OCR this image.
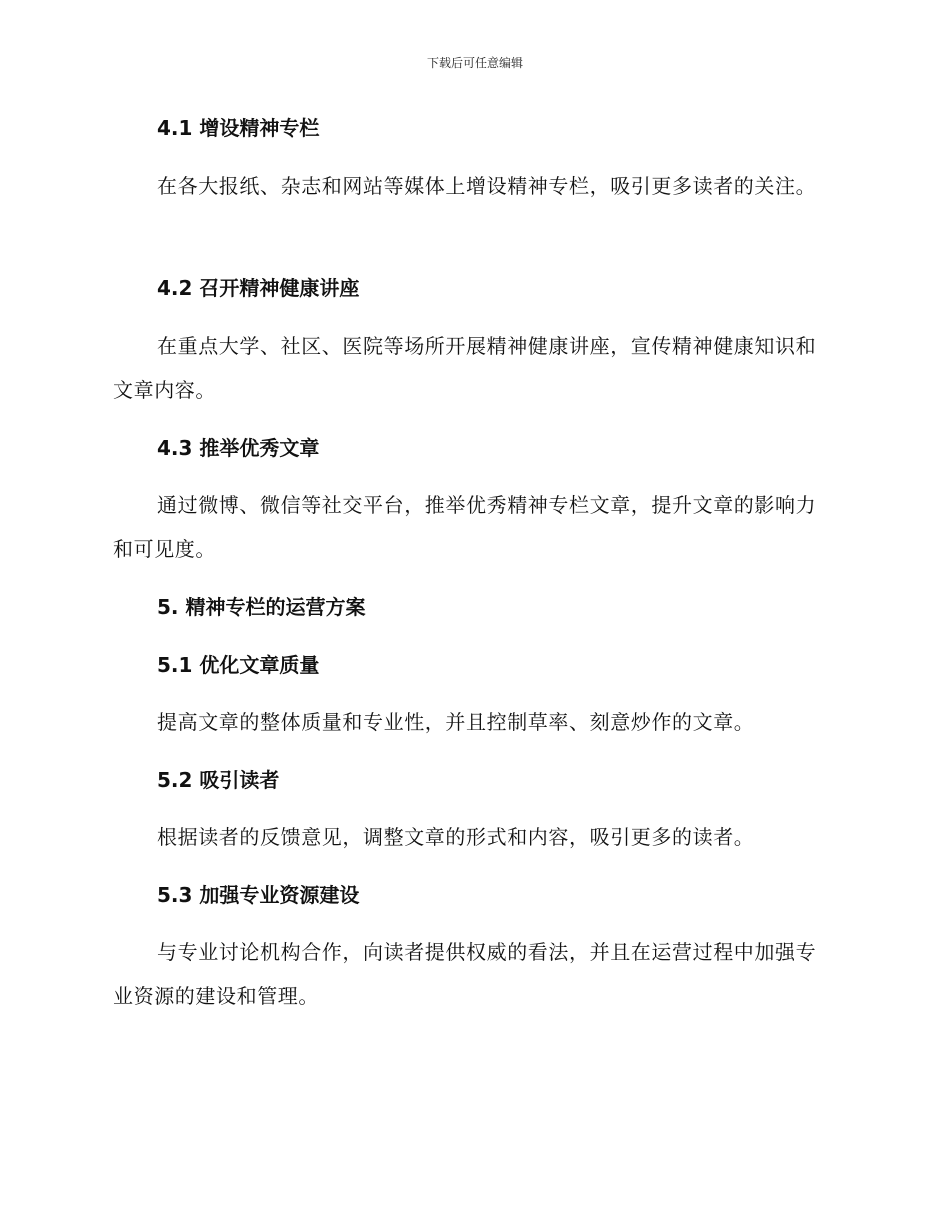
下载后可任意编辑
4.1 增设精神专栏
在各大报纸、杂志和网站等媒体上增设精神专栏，吸引更多读者的关注。
4.2 召开精神健康讲座
在重点大学、社区、医院等场所开展精神健康讲座，宣传精神健康知识和文章内容。
4.3 推举优秀文章
通过微博、微信等社交平台，推举优秀精神专栏文章，提升文章的影响力和可见度。
5. 精神专栏的运营方案
5.1 优化文章质量
提高文章的整体质量和专业性，并且控制草率、刻意炒作的文章。
5.2 吸引读者
根据读者的反馈意见，调整文章的形式和内容，吸引更多的读者。
5.3 加强专业资源建设
与专业讨论机构合作，向读者提供权威的看法，并且在运营过程中加强专业资源的建设和管理。
